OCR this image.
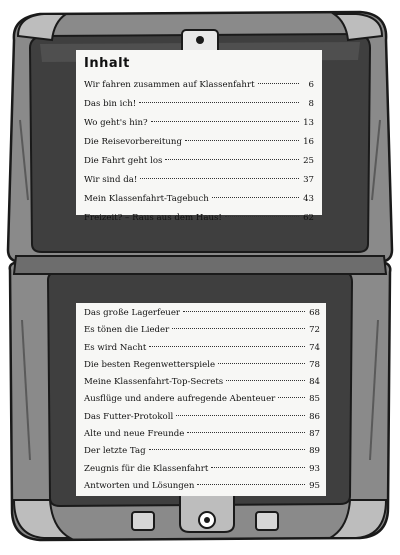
Inhalt
Wir fahren zusammen auf Klassenfahrt	6
Das bin ich!	8
Wo geht's hin?	13
Die Reisevorbereitung	16
Die Fahrt geht los	25
Wir sind da!	37
Mein Klassenfahrt-Tagebuch	43
Freizeit? – Raus aus dem Haus!	62
Das große Lagerfeuer	68
Es tönen die Lieder	72
Es wird Nacht	74
Die besten Regenwetterspiele	78
Meine Klassenfahrt-Top-Secrets	84
Ausflüge und andere aufregende Abenteuer	85
Das Futter-Protokoll	86
Alte und neue Freunde	87
Der letzte Tag	89
Zeugnis für die Klassenfahrt	93
Antworten und Lösungen	95
